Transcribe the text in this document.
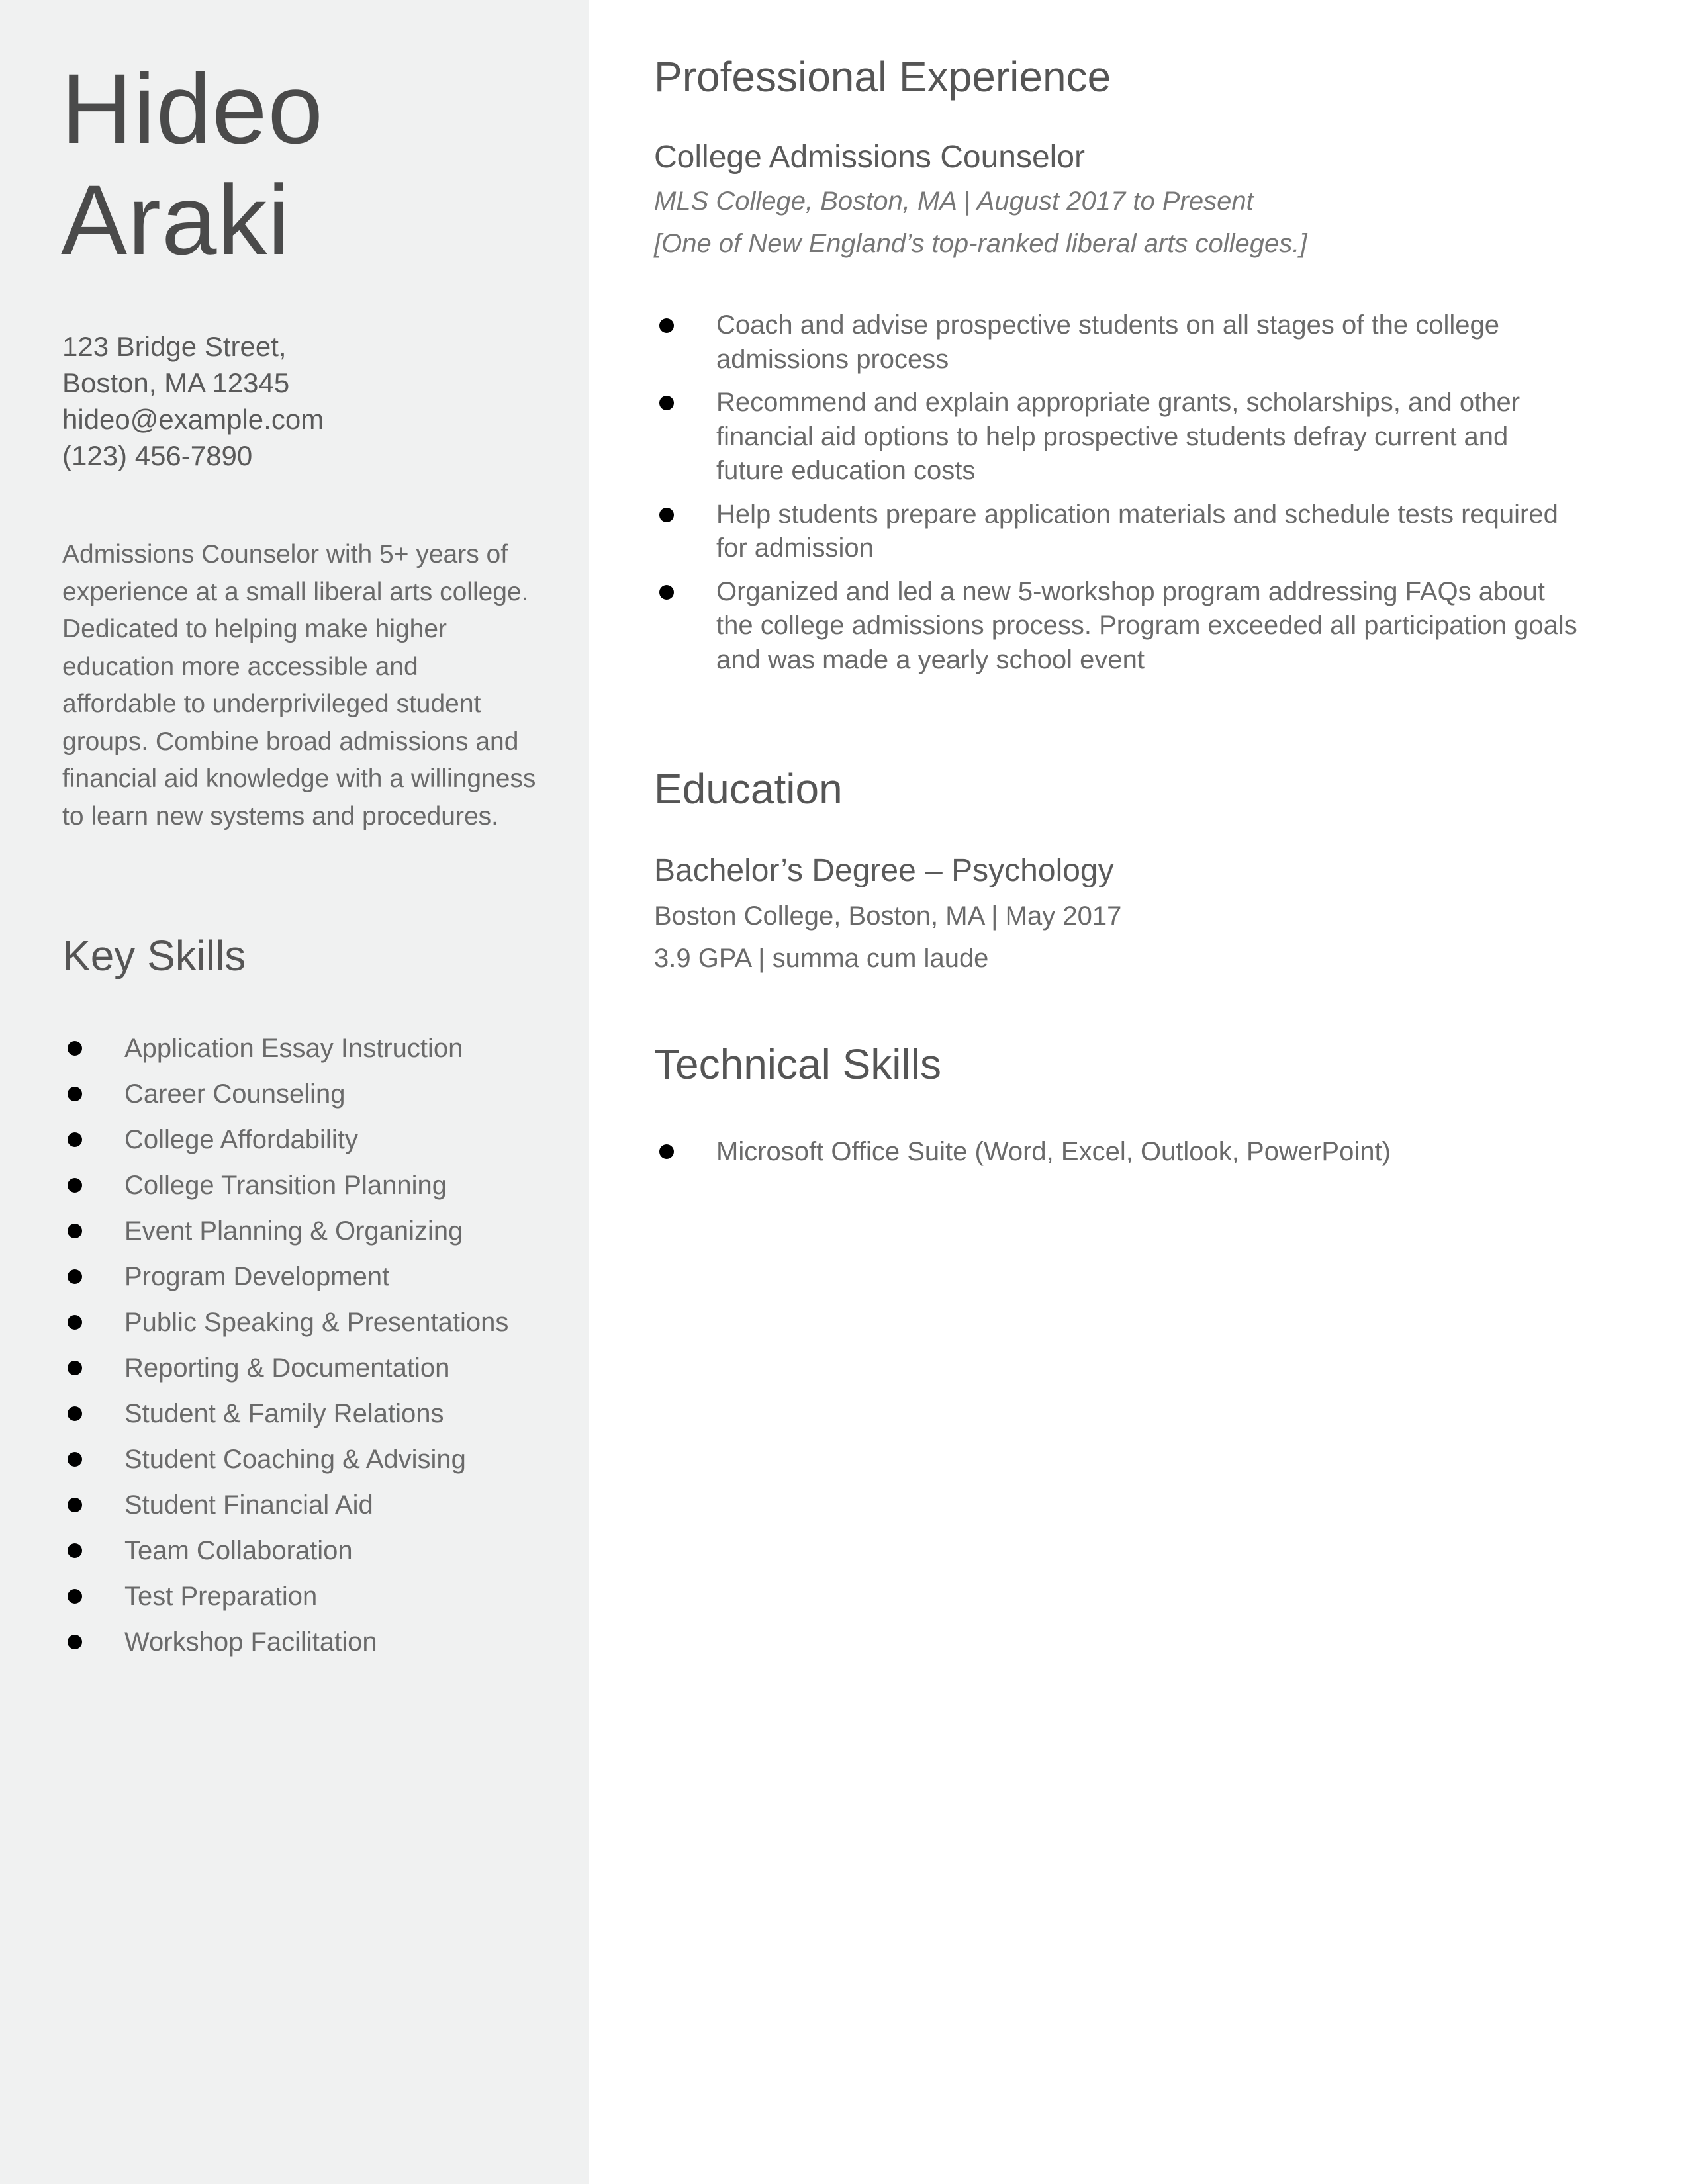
Hideo
Araki
123 Bridge Street,
Boston, MA 12345
hideo@example.com
(123) 456-7890

Admissions Counselor with 5+ years of experience at a small liberal arts college. Dedicated to helping make higher education more accessible and affordable to underprivileged student groups. Combine broad admissions and financial aid knowledge with a willingness to learn new systems and procedures.

Key Skills
Application Essay Instruction
Career Counseling
College Affordability
College Transition Planning
Event Planning & Organizing
Program Development
Public Speaking & Presentations
Reporting & Documentation
Student & Family Relations
Student Coaching & Advising
Student Financial Aid
Team Collaboration
Test Preparation
Workshop Facilitation
Professional Experience
College Admissions Counselor
MLS College, Boston, MA | August 2017 to Present
[One of New England’s top-ranked liberal arts colleges.]
Coach and advise prospective students on all stages of the college admissions process
Recommend and explain appropriate grants, scholarships, and other financial aid options to help prospective students defray current and future education costs
Help students prepare application materials and schedule tests required for admission
Organized and led a new 5-workshop program addressing FAQs about the college admissions process. Program exceeded all participation goals and was made a yearly school event
Education
Bachelor’s Degree – Psychology
Boston College, Boston, MA | May 2017
3.9 GPA | summa cum laude
Technical Skills
Microsoft Office Suite (Word, Excel, Outlook, PowerPoint)
